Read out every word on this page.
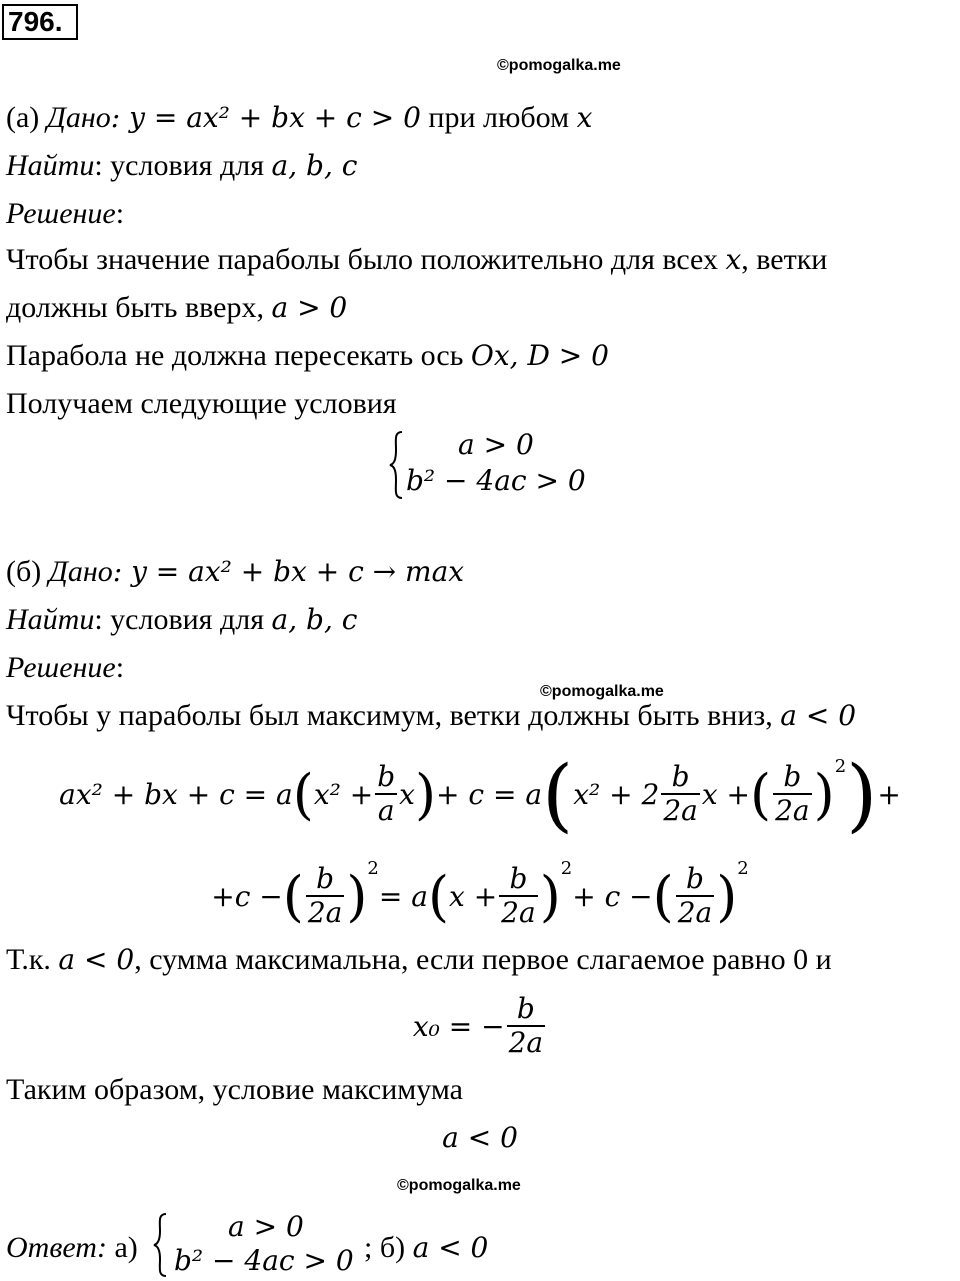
796.
©pomogalka.me
(а) Дано: y = ax² + bx + c > 0 при любом x
Найти: условия для a, b, c
Решение:
Чтобы значение параболы было положительно для всех x, ветки
должны быть вверх, a > 0
Парабола не должна пересекать ось Ox, D > 0
Получаем следующие условия
a > 0
b² − 4ac > 0
(б) Дано: y = ax² + bx + c → max
Найти: условия для a, b, c
Решение:
©pomogalka.me
Чтобы у параболы был максимум, ветки должны быть вниз, a < 0
ax² + bx + c = a ( $x^2 + \frac{b}{a}$ x ) + c = a ( $x^2 + 2 \frac{b}{2a}$ x + ( $\frac{b}{2a}$ ) 2 ) +
+c − ( $\frac{b}{2a}$ ) 2
= a ( $x + \frac{b}{2a}$ ) 2
+ c − ( $\frac{b}{2a}$ ) 2
Т.к. a < 0, сумма максимальна, если первое слагаемое равно 0 и
x₀ = − $\frac{b}{2a}$
Таким образом, условие максимума
a < 0
©pomogalka.me
Ответ: а)
a > 0
b² − 4ac > 0 ; б) a < 0
